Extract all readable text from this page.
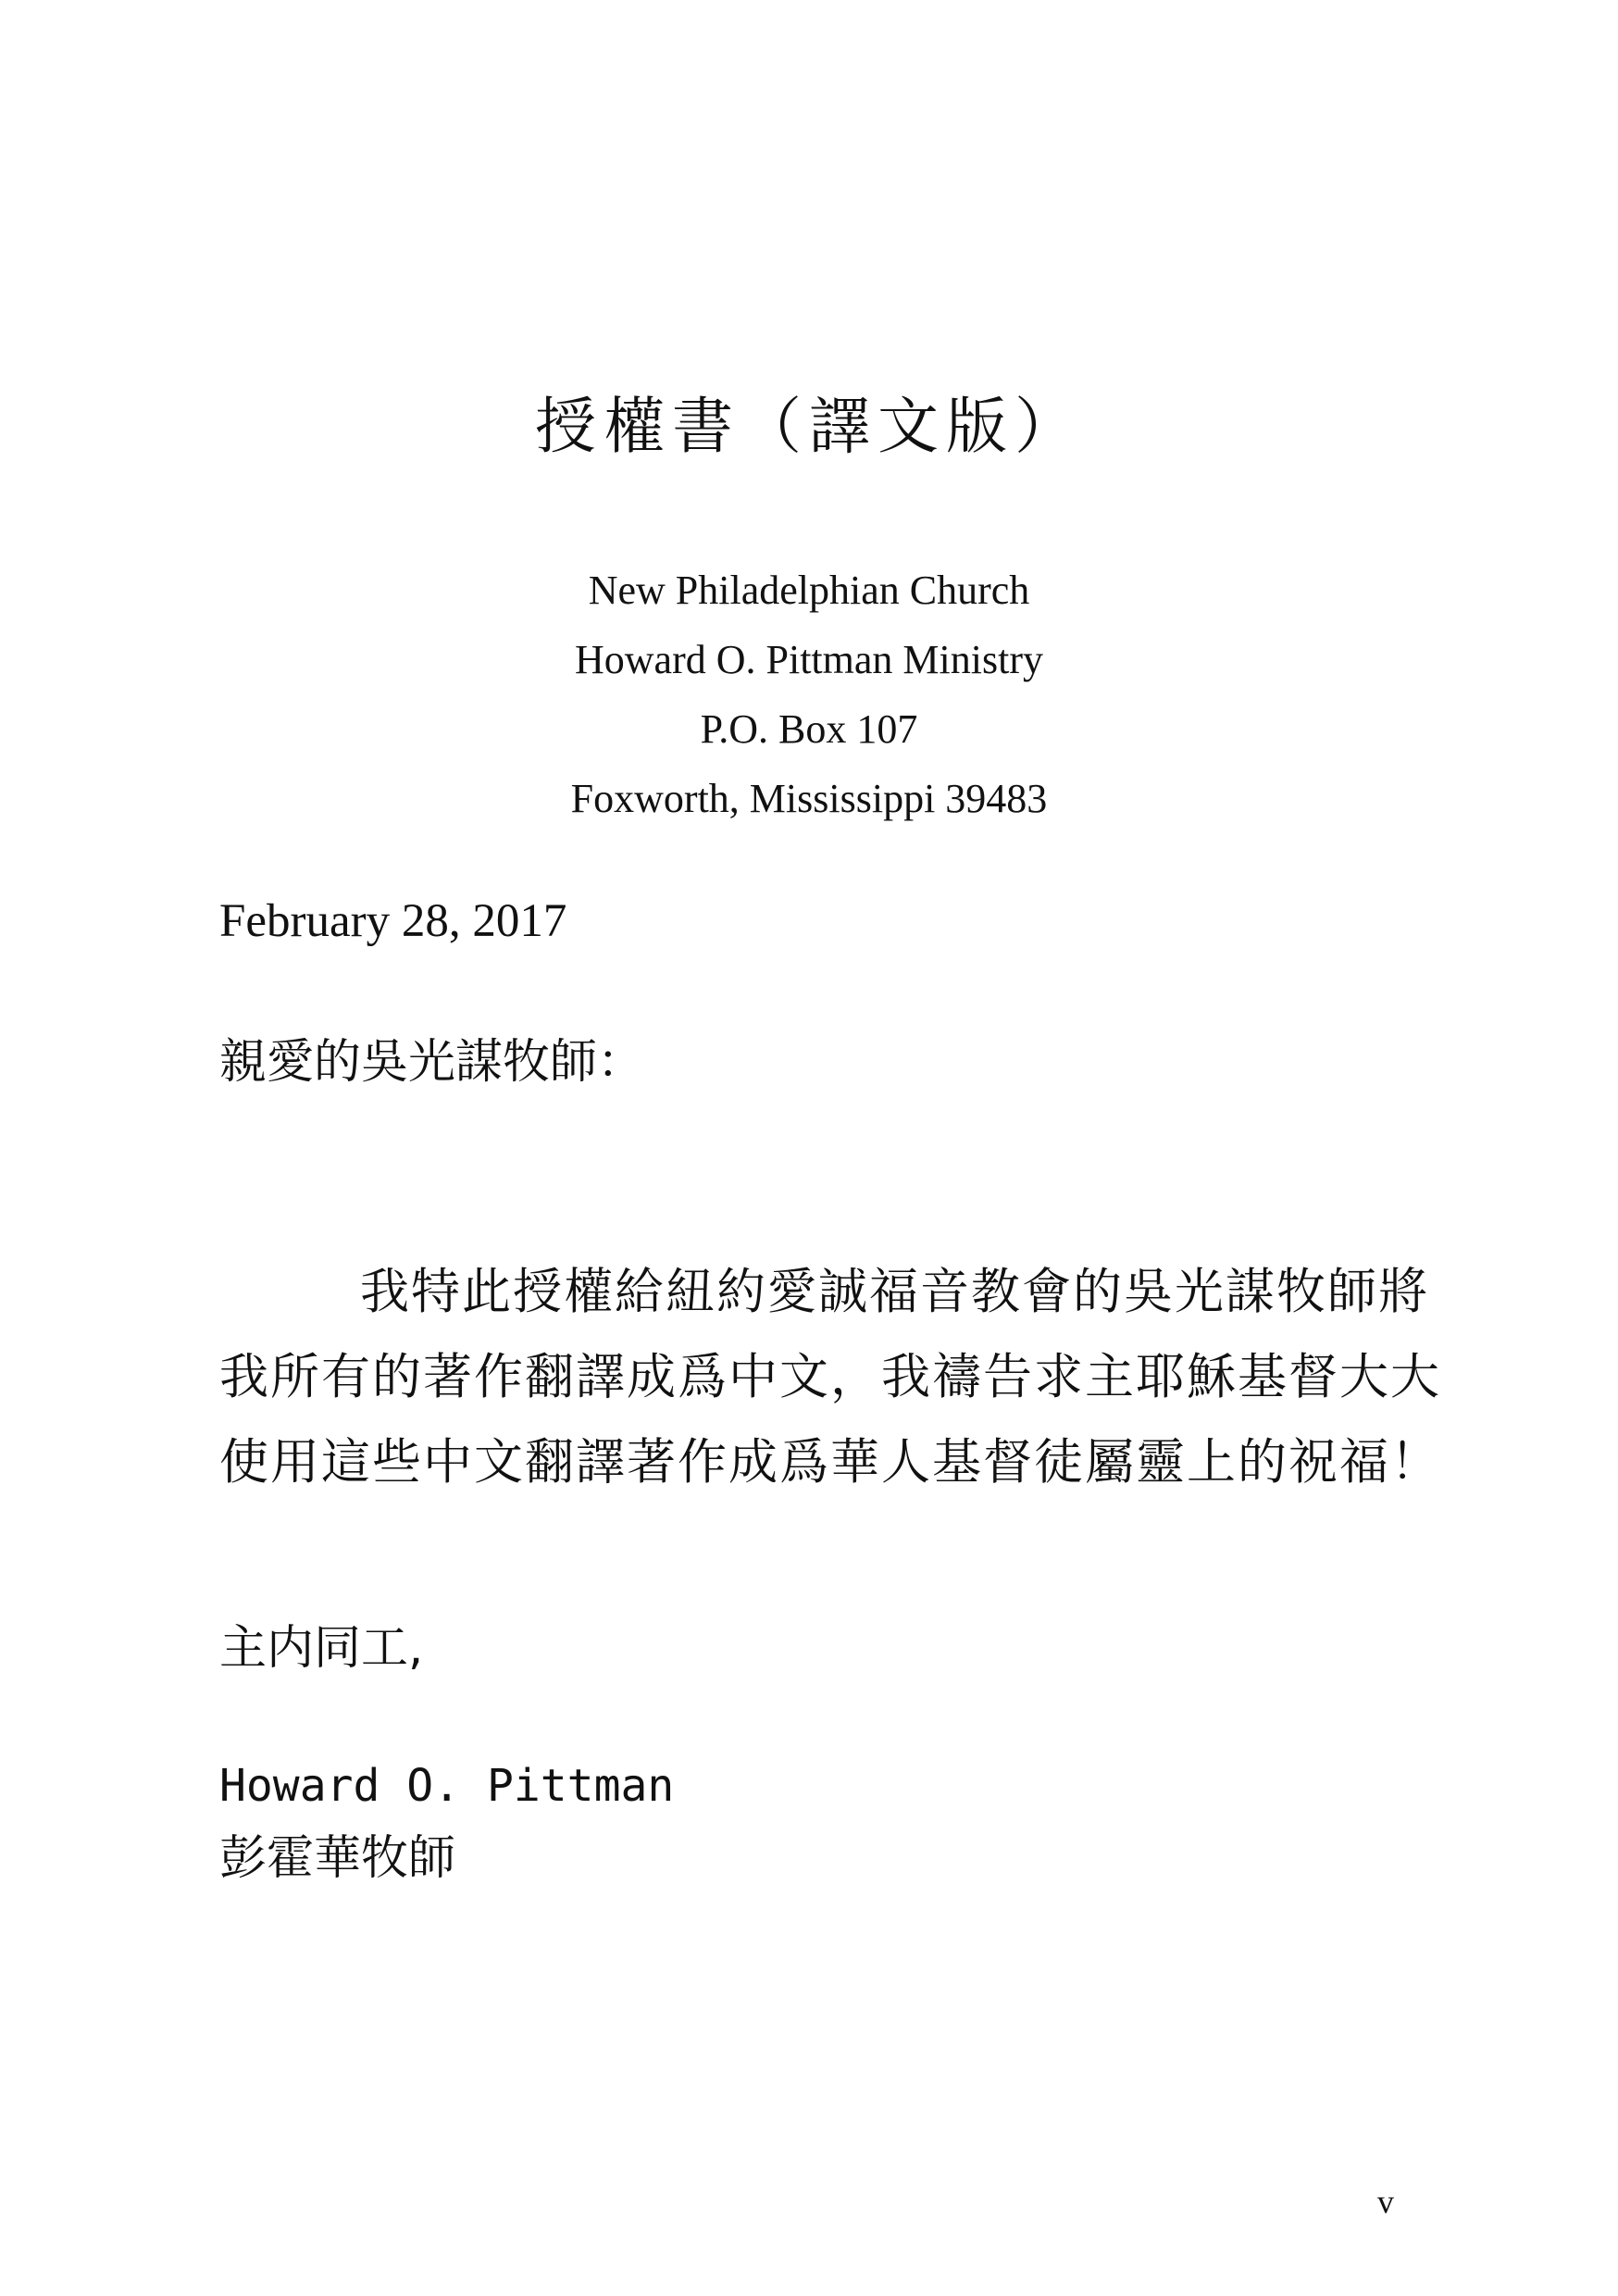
授權書（譯文版）
New Philadelphian Church
Howard O. Pittman Ministry
P.O. Box 107
Foxworth, Mississippi 39483
February 28, 2017
親愛的吳光謀牧師：
我特此授權給紐約愛誠福音教會的吳光謀牧師將
我所有的著作翻譯成爲中文，我禱告求主耶穌基督大大
使用這些中文翻譯著作成爲華人基督徒屬靈上的祝福！
主内同工,
Howard O. Pittman
彭霍華牧師
v
